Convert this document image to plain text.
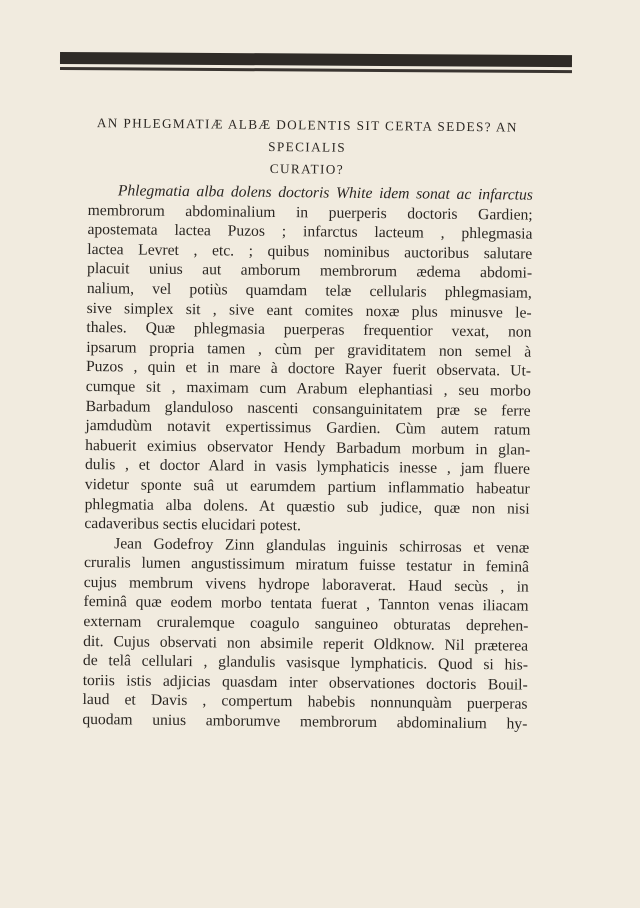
AN PHLEGMATIÆ ALBÆ DOLENTIS SIT CERTA SEDES? AN SPECIALIS
CURATIO?
Phlegmatia alba dolens doctoris White idem sonat ac infarctus
membrorum abdominalium in puerperis doctoris Gardien;
apostemata lactea Puzos ; infarctus lacteum , phlegmasia
lactea Levret , etc. ; quibus nominibus auctoribus salutare
placuit unius aut amborum membrorum ædema abdomi-
nalium, vel potiùs quamdam telæ cellularis phlegmasiam,
sive simplex sit , sive eant comites noxæ plus minusve le-
thales. Quæ phlegmasia puerperas frequentior vexat, non
ipsarum propria tamen , cùm per graviditatem non semel à
Puzos , quin et in mare à doctore Rayer fuerit observata. Ut-
cumque sit , maximam cum Arabum elephantiasi , seu morbo
Barbadum glanduloso nascenti consanguinitatem præ se ferre
jamdudùm notavit expertissimus Gardien. Cùm autem ratum
habuerit eximius observator Hendy Barbadum morbum in glan-
dulis , et doctor Alard in vasis lymphaticis inesse , jam fluere
videtur sponte suâ ut earumdem partium inflammatio habeatur
phlegmatia alba dolens. At quæstio sub judice, quæ non nisi
cadaveribus sectis elucidari potest.
Jean Godefroy Zinn glandulas inguinis schirrosas et venæ
cruralis lumen angustissimum miratum fuisse testatur in feminâ
cujus membrum vivens hydrope laboraverat. Haud secùs , in
feminâ quæ eodem morbo tentata fuerat , Tannton venas iliacam
externam cruralemque coagulo sanguineo obturatas deprehen-
dit. Cujus observati non absimile reperit Oldknow. Nil præterea
de telâ cellulari , glandulis vasisque lymphaticis. Quod si his-
toriis istis adjicias quasdam inter observationes doctoris Bouil-
laud et Davis , compertum habebis nonnunquàm puerperas
quodam unius amborumve membrorum abdominalium hy-
